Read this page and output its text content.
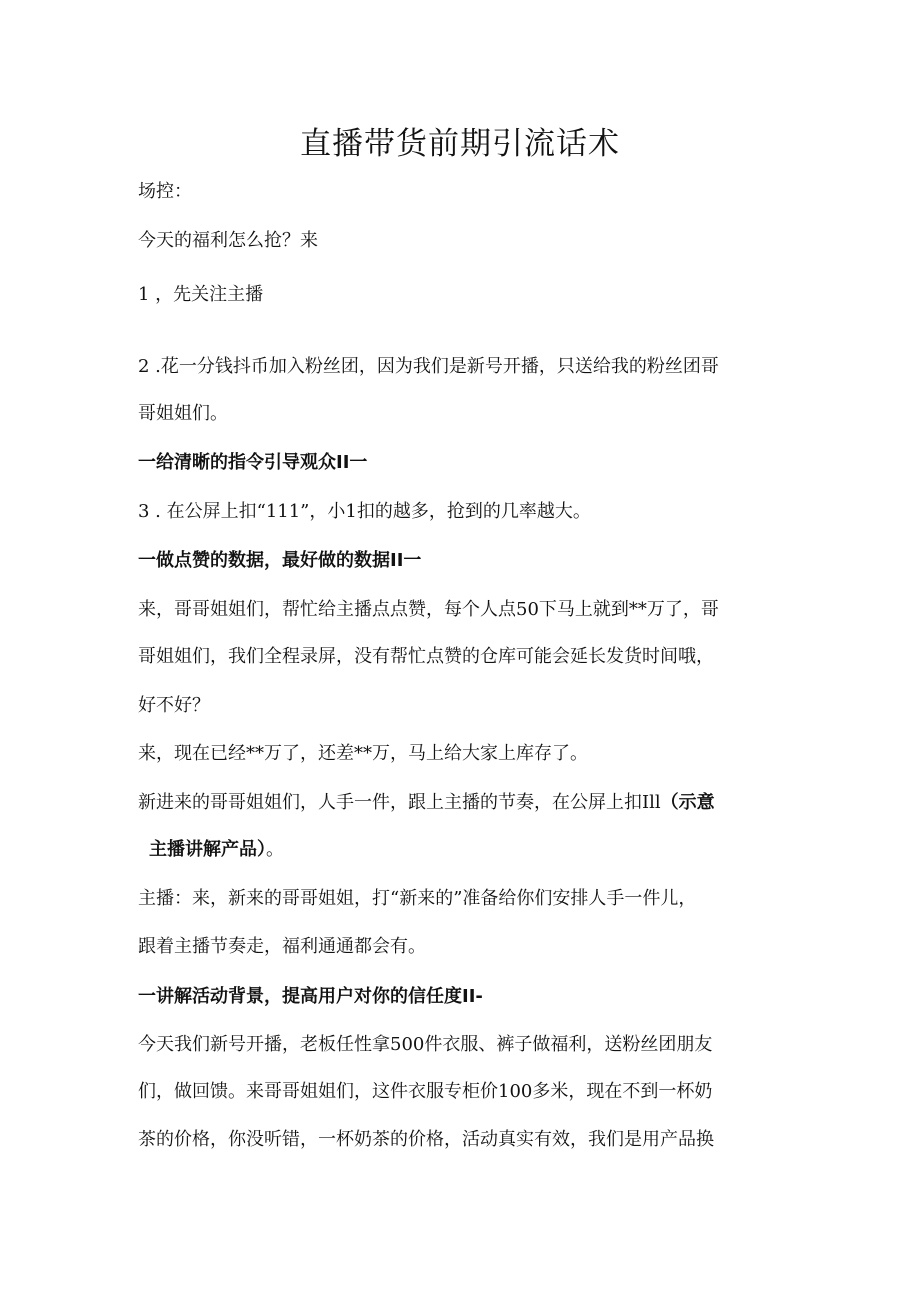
直播带货前期引流话术

场控：

今天的福利怎么抢？来

1 ，先关注主播

2 .花一分钱抖币加入粉丝团，因为我们是新号开播，只送给我的粉丝团哥

哥姐姐们。

一给清晰的指令引导观众II一

3 . 在公屏上扣“111”，小1扣的越多，抢到的几率越大。

一做点赞的数据，最好做的数据II一

来，哥哥姐姐们，帮忙给主播点点赞，每个人点50下马上就到**万了，哥

哥姐姐们，我们全程录屏，没有帮忙点赞的仓库可能会延长发货时间哦，

好不好？

来，现在已经**万了，还差**万，马上给大家上库存了。

新进来的哥哥姐姐们，人手一件，跟上主播的节奏，在公屏上扣Ill（示意

主播讲解产品）。

主播：来，新来的哥哥姐姐，打“新来的”准备给你们安排人手一件儿，

跟着主播节奏走，福利通通都会有。

一讲解活动背景，提高用户对你的信任度II-

今天我们新号开播，老板任性拿500件衣服、裤子做福利，送粉丝团朋友

们，做回馈。来哥哥姐姐们，这件衣服专柜价100多米，现在不到一杯奶

茶的价格，你没听错，一杯奶茶的价格，活动真实有效，我们是用产品换
